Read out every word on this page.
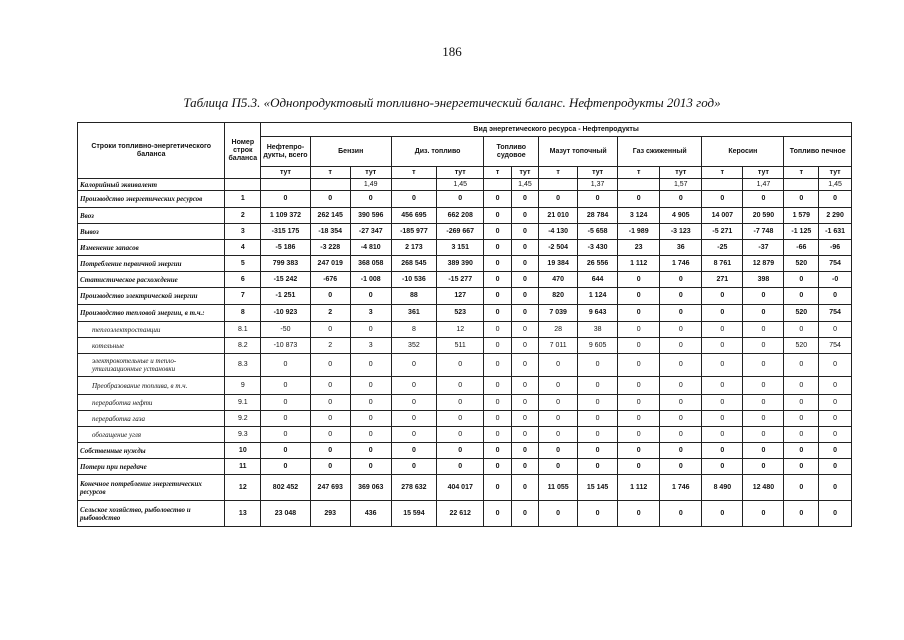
186
Таблица П5.3. «Однопродуктовый топливно-энергетический баланс. Нефтепродукты 2013 год»
Строки топливно-энергетического баланса	Номер строк баланса	Вид энергетического ресурса - Нефтепродукты														
		Нефтепро-дукты, всего	Бензин		Диз. топливо		Топливо судовое		Мазут топочный		Газ сжиженный		Керосин		Топливо печное	
		тут	т	тут	т	тут	т	тут	т	тут	т	тут	т	тут	т	тут
Калорийный эквивалент				1,49		1,45		1,45		1,37		1,57		1,47		1,45
Производство энергетических ресурсов	1	0	0	0	0	0	0	0	0	0	0	0	0	0	0	0
Ввоз	2	1 109 372	262 145	390 596	456 695	662 208	0	0	21 010	28 784	3 124	4 905	14 007	20 590	1 579	2 290
Вывоз	3	-315 175	-18 354	-27 347	-185 977	-269 667	0	0	-4 130	-5 658	-1 989	-3 123	-5 271	-7 748	-1 125	-1 631
Изменение запасов	4	-5 186	-3 228	-4 810	2 173	3 151	0	0	-2 504	-3 430	23	36	-25	-37	-66	-96
Потребление первичной энергии	5	799 383	247 019	368 058	268 545	389 390	0	0	19 384	26 556	1 112	1 746	8 761	12 879	520	754
Статистическое расхождение	6	-15 242	-676	-1 008	-10 536	-15 277	0	0	470	644	0	0	271	398	0	-0
Производство электрической энергии	7	-1 251	0	0	88	127	0	0	820	1 124	0	0	0	0	0	0
Производство тепловой энергии, в т.ч.:	8	-10 923	2	3	361	523	0	0	7 039	9 643	0	0	0	0	520	754
теплоэлектростанции	8.1	-50	0	0	8	12	0	0	28	38	0	0	0	0	0	0
котельные	8.2	-10 873	2	3	352	511	0	0	7 011	9 605	0	0	0	0	520	754
электрокотельные и тепло-утилизационные установки	8.3	0	0	0	0	0	0	0	0	0	0	0	0	0	0	0
Преобразование топлива, в т.ч.	9	0	0	0	0	0	0	0	0	0	0	0	0	0	0	0
переработка нефти	9.1	0	0	0	0	0	0	0	0	0	0	0	0	0	0	0
переработка газа	9.2	0	0	0	0	0	0	0	0	0	0	0	0	0	0	0
обогащение угля	9.3	0	0	0	0	0	0	0	0	0	0	0	0	0	0	0
Собственные нужды	10	0	0	0	0	0	0	0	0	0	0	0	0	0	0	0
Потери при передаче	11	0	0	0	0	0	0	0	0	0	0	0	0	0	0	0
Конечное потребление энергетических ресурсов	12	802 452	247 693	369 063	278 632	404 017	0	0	11 055	15 145	1 112	1 746	8 490	12 480	0	0
Сельское хозяйство, рыболовство и рыбоводство	13	23 048	293	436	15 594	22 612	0	0	0	0	0	0	0	0	0	0
